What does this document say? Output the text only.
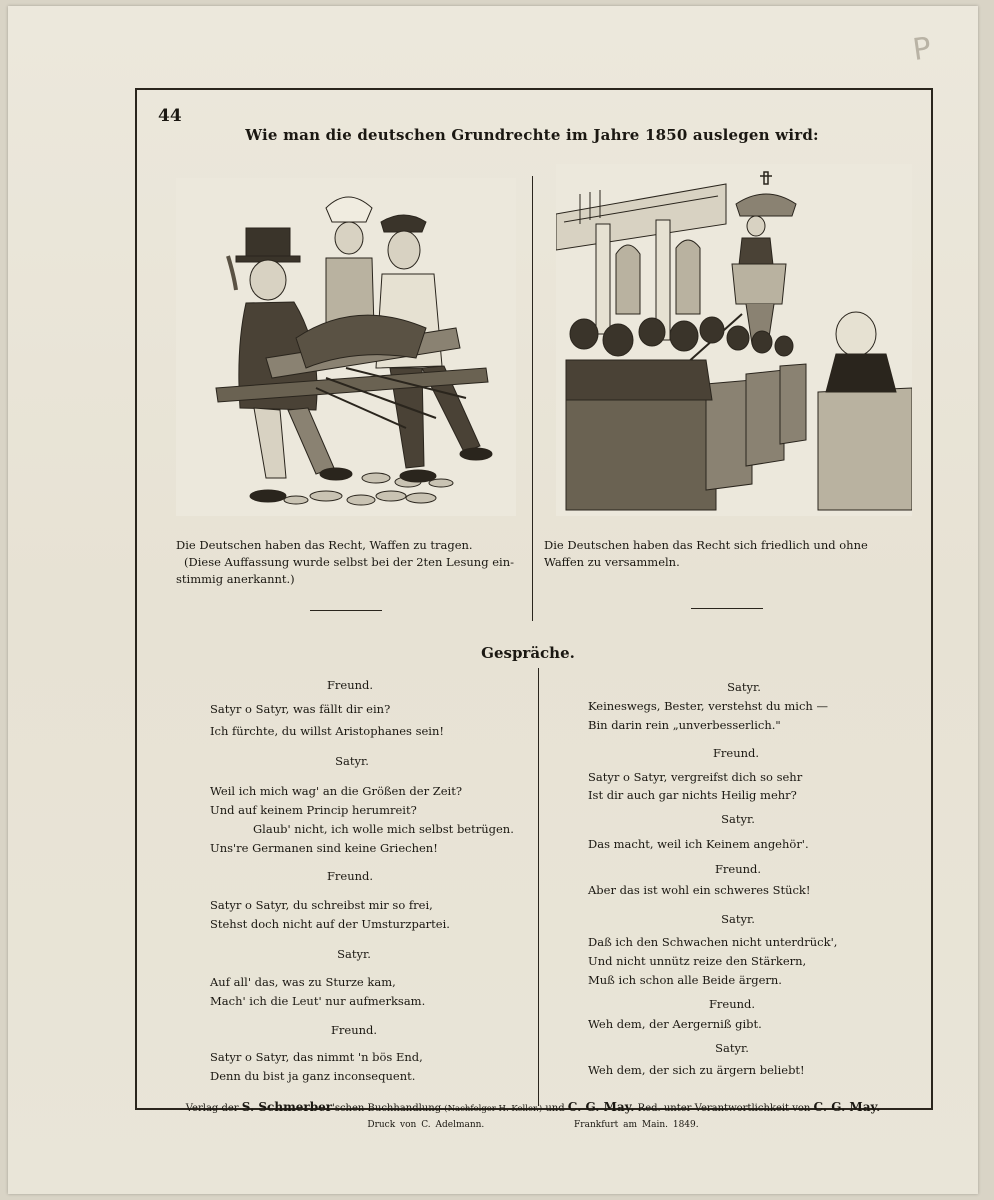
P
44
Wie man die deutschen Grundrechte im Jahre 1850 auslegen wird:
Die Deutschen haben das Recht, Waffen zu tragen.
(Diese Auffassung wurde selbst bei der 2ten Lesung ein-
stimmig anerkannt.)
Die Deutschen haben das Recht sich friedlich und ohne
Waffen zu versammeln.
Gespräche.
Freund.
Satyr o Satyr, was fällt dir ein?
Ich fürchte, du willst Aristophanes sein!
Satyr.
Weil ich mich wag' an die Größen der Zeit?
Und auf keinem Princip herumreit?
Glaub' nicht, ich wolle mich selbst betrügen.
Uns're Germanen sind keine Griechen!
Freund.
Satyr o Satyr, du schreibst mir so frei,
Stehst doch nicht auf der Umsturzpartei.
Satyr.
Auf all' das, was zu Sturze kam,
Mach' ich die Leut' nur aufmerksam.
Freund.
Satyr o Satyr, das nimmt 'n bös End,
Denn du bist ja ganz inconsequent.
Satyr.
Keineswegs, Bester, verstehst du mich —
Bin darin rein „unverbesserlich."
Freund.
Satyr o Satyr, vergreifst dich so sehr
Ist dir auch gar nichts Heilig mehr?
Satyr.
Das macht, weil ich Keinem angehör'.
Freund.
Aber das ist wohl ein schweres Stück!
Satyr.
Daß ich den Schwachen nicht unterdrück',
Und nicht unnütz reize den Stärkern,
Muß ich schon alle Beide ärgern.
Freund.
Weh dem, der Aergerniß gibt.
Satyr.
Weh dem, der sich zu ärgern beliebt!
Verlag der S. Schmerber'schen Buchhandlung (Nachfolger H. Keller.) und C. G. May. Red. unter Verantwortlichkeit von C. G. May.
Druck von C. Adelmann.	Frankfurt am Main. 1849.
